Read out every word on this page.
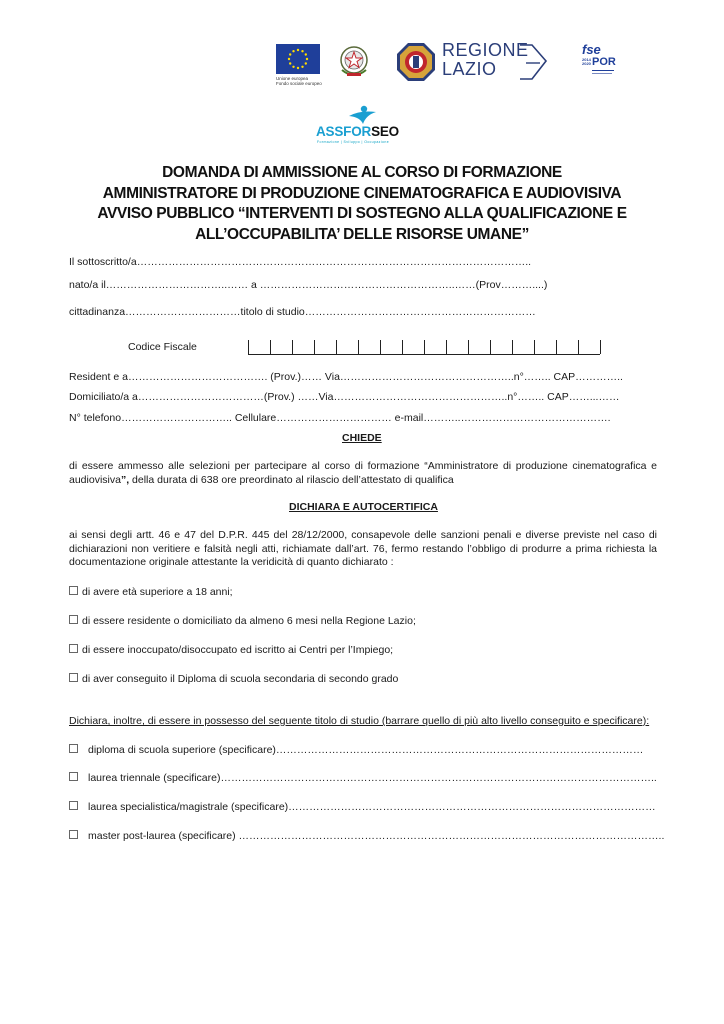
Unione europea
Fondo sociale europeo
REGIONE
LAZIO
fse
2014 2020 POR
ASSFORSEO
Formazione | Sviluppo | Occupazione
DOMANDA DI AMMISSIONE AL CORSO DI FORMAZIONE
AMMINISTRATORE DI PRODUZIONE CINEMATOGRAFICA E AUDIOVISIVA
AVVISO PUBBLICO “INTERVENTI DI SOSTEGNO ALLA QUALIFICAZIONE E
ALL’OCCUPABILITA’ DELLE RISORSE UMANE”
Il sottoscritto/a…………………………………………………………………………………………………..
nato/a il……………………………..…… a ………………………………………………..……(Prov………....)
cittadinanza……………………………titolo di studio…………………………………………………………
Codice Fiscale
Resident e a…………………………………. (Prov.)…… Via…………………………………………..n°…….. CAP…………..
Domiciliato/a a………………………………(Prov.) ……Via…………………………………………..n°…….. CAP……...……
N° telefono………………………….. Cellulare…………………………… e-mail………..…………………………………….
CHIEDE
di essere ammesso alle selezioni per partecipare al corso di formazione “Amministratore di produzione cinematografica e audiovisiva”, della durata di 638 ore preordinato al rilascio dell’attestato di qualifica
DICHIARA E AUTOCERTIFICA
ai sensi degli artt. 46 e 47 del D.P.R. 445 del 28/12/2000, consapevole delle sanzioni penali e diverse previste nel caso di dichiarazioni non veritiere e falsità negli atti, richiamate dall’art. 76, fermo restando l’obbligo di produrre a prima richiesta la documentazione originale attestante la veridicità di quanto dichiarato :
di avere età superiore a 18 anni;
di essere residente o domiciliato da almeno 6 mesi nella Regione Lazio;
di essere inoccupato/disoccupato ed iscritto ai Centri per l’Impiego;
di aver conseguito il Diploma di scuola secondaria di secondo grado
Dichiara, inoltre, di essere in possesso del seguente titolo di studio (barrare quello di più alto livello conseguito e specificare):
diploma di scuola superiore (specificare)……………………………………………………………………………………………
laurea triennale (specificare)……………………………………………………………………………………………………………..
laurea specialistica/magistrale (specificare)……………………………………………………………………………………………
master post-laurea (specificare) …………………………………………………………………………………………………………..
